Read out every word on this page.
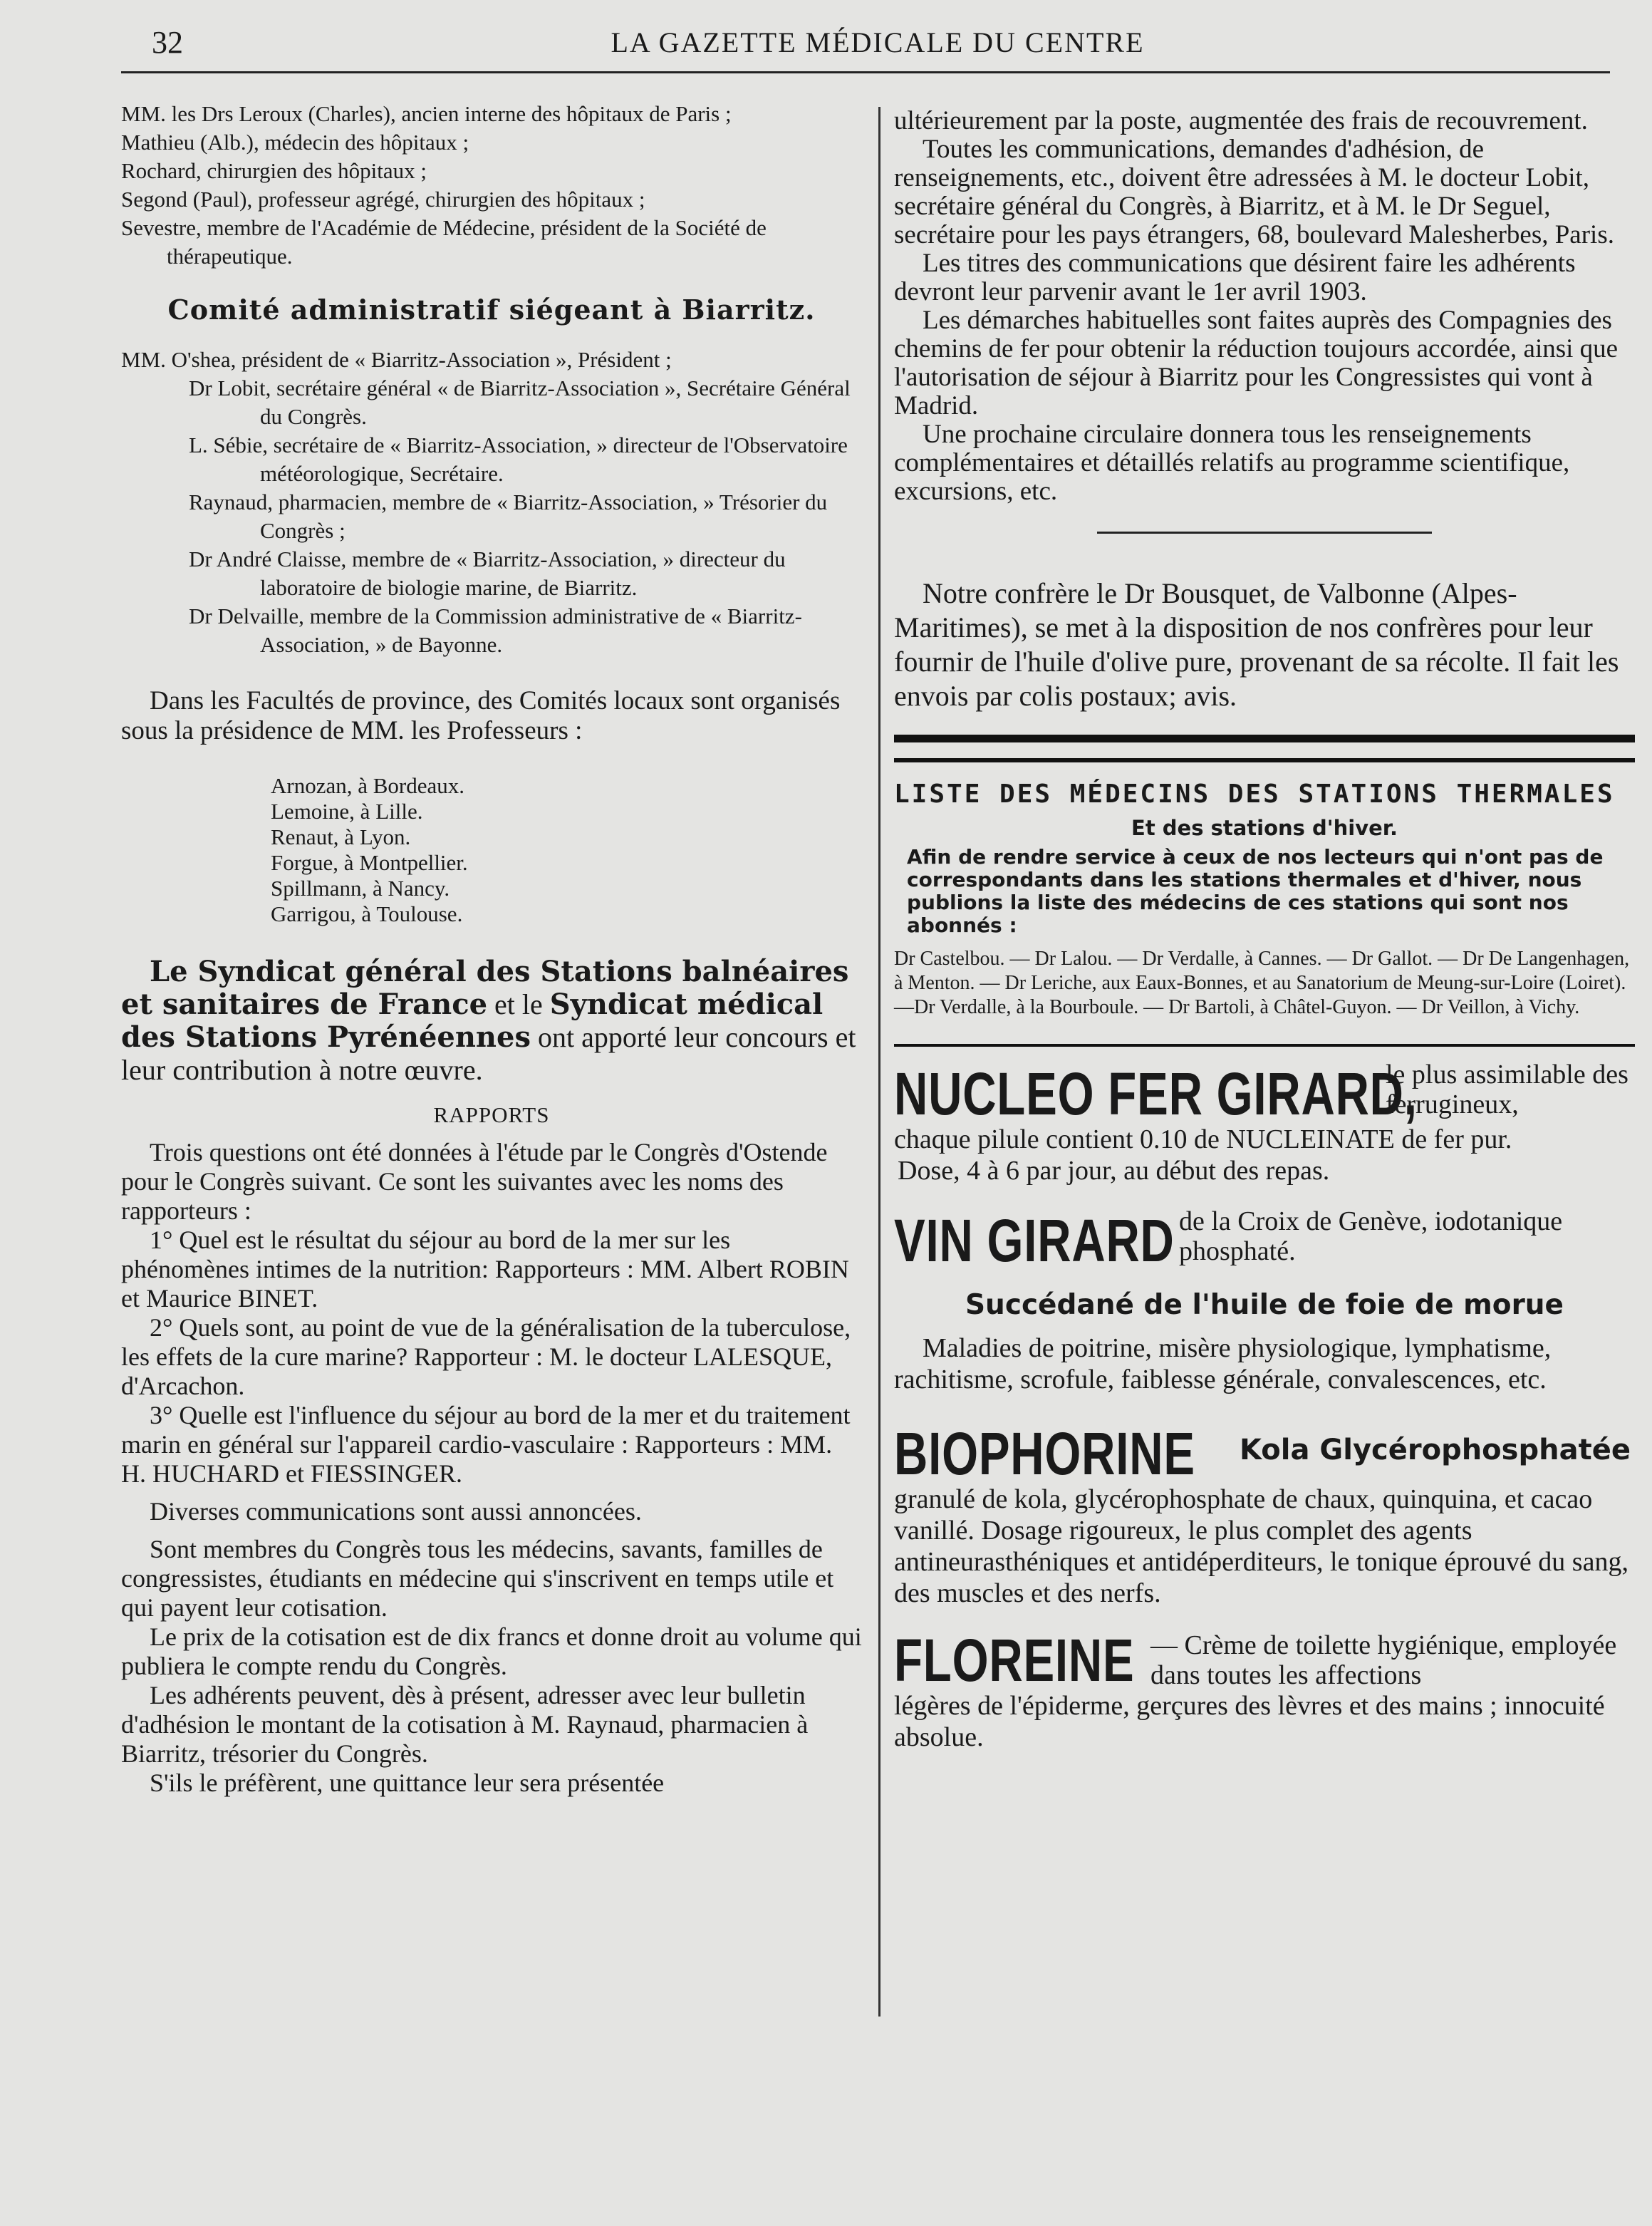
32	LA GAZETTE MÉDICALE DU CENTRE

MM. les Drs Leroux (Charles), ancien interne des hôpitaux de Paris ;

Mathieu (Alb.), médecin des hôpitaux ;

Rochard, chirurgien des hôpitaux ;

Segond (Paul), professeur agrégé, chirurgien des hôpitaux ;

Sevestre, membre de l'Académie de Médecine, président de la Société de thérapeutique.

Comité administratif siégeant à Biarritz.

MM. O'shea, président de « Biarritz-Association », Président ;

Dr Lobit, secrétaire général « de Biarritz-Association », Secrétaire Général du Congrès.

L. Sébie, secrétaire de « Biarritz-Association, » directeur de l'Observatoire météorologique, Secrétaire.

Raynaud, pharmacien, membre de « Biarritz-Association, » Trésorier du Congrès ;

Dr André Claisse, membre de « Biarritz-Association, » directeur du laboratoire de biologie marine, de Biarritz.

Dr Delvaille, membre de la Commission administrative de « Biarritz-Association, » de Bayonne.

Dans les Facultés de province, des Comités locaux sont organisés sous la présidence de MM. les Professeurs :

Arnozan, à Bordeaux.
Lemoine, à Lille.
Renaut, à Lyon.
Forgue, à Montpellier.
Spillmann, à Nancy.
Garrigou, à Toulouse.

Le Syndicat général des Stations balnéaires et sanitaires de France et le Syndicat médical des Stations Pyrénéennes ont apporté leur concours et leur contribution à notre œuvre.

RAPPORTS

Trois questions ont été données à l'étude par le Congrès d'Ostende pour le Congrès suivant. Ce sont les suivantes avec les noms des rapporteurs :

1° Quel est le résultat du séjour au bord de la mer sur les phénomènes intimes de la nutrition: Rapporteurs : MM. Albert ROBIN et Maurice BINET.

2° Quels sont, au point de vue de la généralisation de la tuberculose, les effets de la cure marine? Rapporteur : M. le docteur LALESQUE, d'Arcachon.

3° Quelle est l'influence du séjour au bord de la mer et du traitement marin en général sur l'appareil cardio-vasculaire : Rapporteurs : MM. H. HUCHARD et FIESSINGER.

Diverses communications sont aussi annoncées.

Sont membres du Congrès tous les médecins, savants, familles de congressistes, étudiants en médecine qui s'inscrivent en temps utile et qui payent leur cotisation.

Le prix de la cotisation est de dix francs et donne droit au volume qui publiera le compte rendu du Congrès.

Les adhérents peuvent, dès à présent, adresser avec leur bulletin d'adhésion le montant de la cotisation à M. Raynaud, pharmacien à Biarritz, trésorier du Congrès.

S'ils le préfèrent, une quittance leur sera présentée

ultérieurement par la poste, augmentée des frais de recouvrement.

Toutes les communications, demandes d'adhésion, de renseignements, etc., doivent être adressées à M. le docteur Lobit, secrétaire général du Congrès, à Biarritz, et à M. le Dr Seguel, secrétaire pour les pays étrangers, 68, boulevard Malesherbes, Paris.

Les titres des communications que désirent faire les adhérents devront leur parvenir avant le 1er avril 1903.

Les démarches habituelles sont faites auprès des Compagnies des chemins de fer pour obtenir la réduction toujours accordée, ainsi que l'autorisation de séjour à Biarritz pour les Congressistes qui vont à Madrid.

Une prochaine circulaire donnera tous les renseignements complémentaires et détaillés relatifs au programme scientifique, excursions, etc.

Notre confrère le Dr Bousquet, de Valbonne (Alpes-Maritimes), se met à la disposition de nos confrères pour leur fournir de l'huile d'olive pure, provenant de sa récolte. Il fait les envois par colis postaux; avis.

LISTE DES MÉDECINS DES STATIONS THERMALES
Et des stations d'hiver.

Afin de rendre service à ceux de nos lecteurs qui n'ont pas de correspondants dans les stations thermales et d'hiver, nous publions la liste des médecins de ces stations qui sont nos abonnés :

Dr Castelbou. — Dr Lalou. — Dr Verdalle, à Cannes. — Dr Gallot. — Dr De Langenhagen, à Menton. — Dr Leriche, aux Eaux-Bonnes, et au Sanatorium de Meung-sur-Loire (Loiret). —Dr Verdalle, à la Bourboule. — Dr Bartoli, à Châtel-Guyon. — Dr Veillon, à Vichy.

NUCLEO FER GIRARD,
le plus assimilable des ferrugineux,
chaque pilule contient 0.10 de NUCLEINATE de fer pur.
Dose, 4 à 6 par jour, au début des repas.
VIN GIRARD de la Croix de Genève, iodotanique phosphaté.
Succédané de l'huile de foie de morue

Maladies de poitrine, misère physiologique, lymphatisme, rachitisme, scrofule, faiblesse générale, convalescences, etc.

BIOPHORINE Kola Glycérophosphatée

granulé de kola, glycérophosphate de chaux, quinquina, et cacao vanillé. Dosage rigoureux, le plus complet des agents antineurasthéniques et antidéperditeurs, le tonique éprouvé du sang, des muscles et des nerfs.

FLOREINE — Crème de toilette hygiénique, employée dans toutes les affections

légères de l'épiderme, gerçures des lèvres et des mains ; innocuité absolue.
